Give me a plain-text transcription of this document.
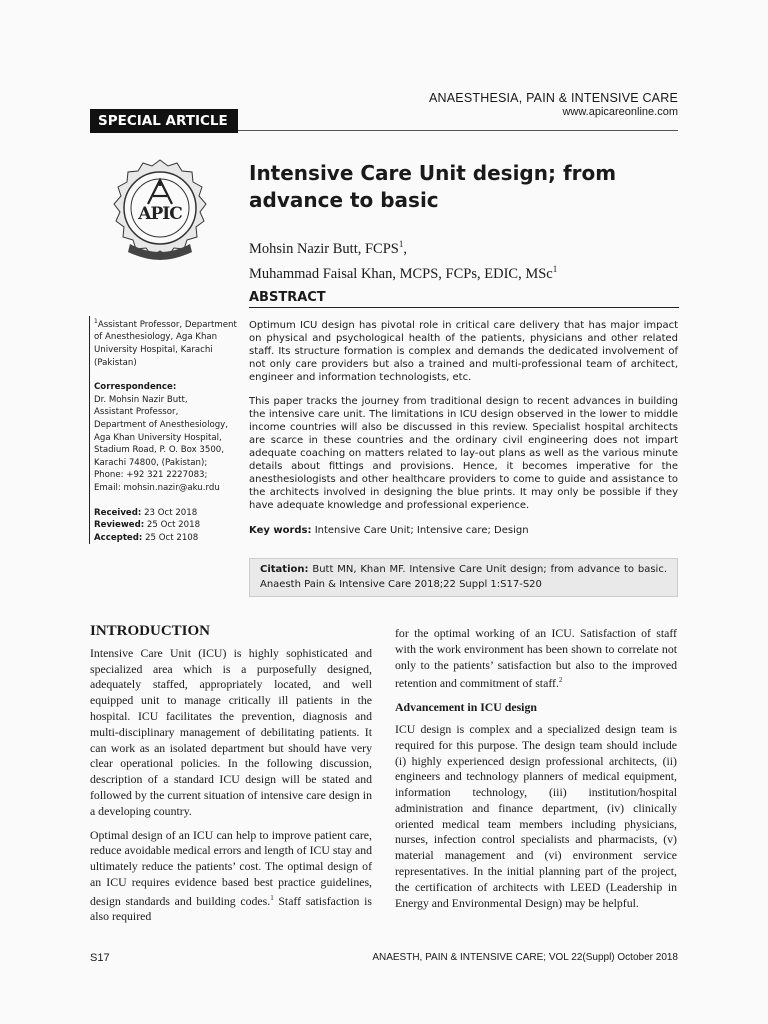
ANAESTHESIA, PAIN & INTENSIVE CARE
www.apicareonline.com
SPECIAL ARTICLE
APIC
Intensive Care Unit design; from advance to basic
Mohsin Nazir Butt, FCPS$^1$,
Muhammad Faisal Khan, MCPS, FCPs, EDIC, MSc$^1$
ABSTRACT
Optimum ICU design has pivotal role in critical care delivery that has major impact on physical and psychological health of the patients, physicians and other related staff. Its structure formation is complex and demands the dedicated involvement of not only care providers but also a trained and multi-professional team of architect, engineer and information technologists, etc.
This paper tracks the journey from traditional design to recent advances in building the intensive care unit. The limitations in ICU design observed in the lower to middle income countries will also be discussed in this review. Specialist hospital architects are scarce in these countries and the ordinary civil engineering does not impart adequate coaching on matters related to lay-out plans as well as the various minute details about fittings and provisions. Hence, it becomes imperative for the anesthesiologists and other healthcare providers to come to guide and assistance to the architects involved in designing the blue prints. It may only be possible if they have adequate knowledge and professional experience.
Key words: Intensive Care Unit; Intensive care; Design
Citation: Butt MN, Khan MF. Intensive Care Unit design; from advance to basic. Anaesth Pain & Intensive Care 2018;22 Suppl 1:S17-S20
$^1$Assistant Professor, Department of Anesthesiology, Aga Khan University Hospital, Karachi (Pakistan)
Correspondence:
Dr. Mohsin Nazir Butt,
Assistant Professor,
Department of Anesthesiology,
Aga Khan University Hospital,
Stadium Road, P. O. Box 3500,
Karachi 74800, (Pakistan);
Phone: +92 321 2227083;
Email: mohsin.nazir@aku.rdu
Received: 23 Oct 2018
Reviewed: 25 Oct 2018
Accepted: 25 Oct 2108
INTRODUCTION

Intensive Care Unit (ICU) is highly sophisticated and specialized area which is a purposefully designed, adequately staffed, appropriately located, and well equipped unit to manage critically ill patients in the hospital. ICU facilitates the prevention, diagnosis and multi-disciplinary management of debilitating patients. It can work as an isolated department but should have very clear operational policies. In the following discussion, description of a standard ICU design will be stated and followed by the current situation of intensive care design in a developing country.

Optimal design of an ICU can help to improve patient care, reduce avoidable medical errors and length of ICU stay and ultimately reduce the patients’ cost. The optimal design of an ICU requires evidence based best practice guidelines, design standards and building codes.$^1$ Staff satisfaction is also required

for the optimal working of an ICU. Satisfaction of staff with the work environment has been shown to correlate not only to the patients’ satisfaction but also to the improved retention and commitment of staff.$^2$

Advancement in ICU design

ICU design is complex and a specialized design team is required for this purpose. The design team should include (i) highly experienced design professional architects, (ii) engineers and technology planners of medical equipment, information technology, (iii) institution/hospital administration and finance department, (iv) clinically oriented medical team members including physicians, nurses, infection control specialists and pharmacists, (v) material management and (vi) environment service representatives. In the initial planning part of the project, the certification of architects with LEED (Leadership in Energy and Environmental Design) may be helpful.

S17	ANAESTH, PAIN & INTENSIVE CARE; VOL 22(Suppl) October 2018
